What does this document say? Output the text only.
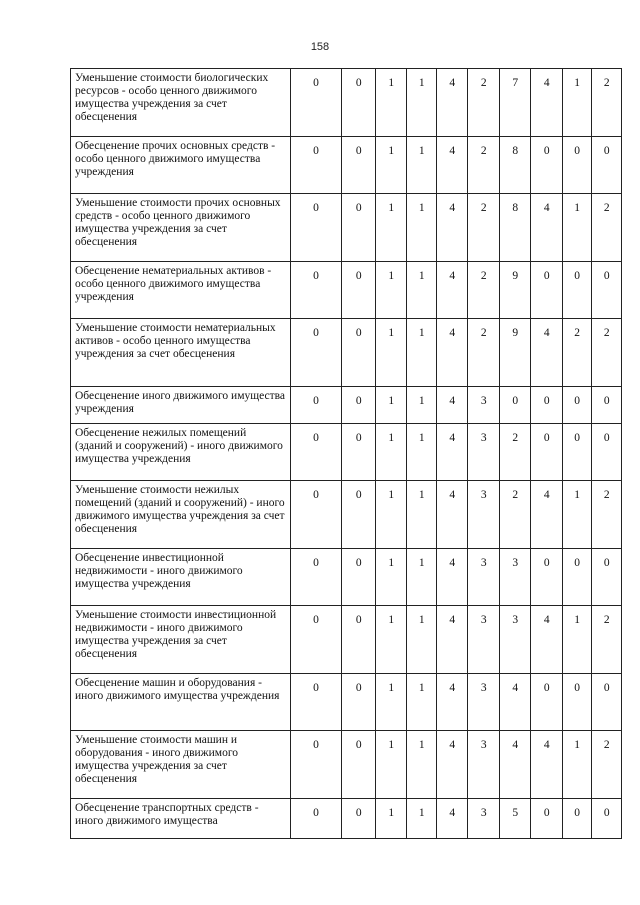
158
Уменьшение стоимости биологических ресурсов - особо ценного движимого имущества учреждения за счет обесценения	0	0	1	1	4	2	7	4	1	2
Обесценение прочих основных средств - особо ценного движимого имущества учреждения	0	0	1	1	4	2	8	0	0	0
Уменьшение стоимости прочих основных средств - особо ценного движимого имущества учреждения за счет обесценения	0	0	1	1	4	2	8	4	1	2
Обесценение нематериальных активов - особо ценного движимого имущества учреждения	0	0	1	1	4	2	9	0	0	0
Уменьшение стоимости нематериальных активов - особо ценного имущества учреждения за счет обесценения	0	0	1	1	4	2	9	4	2	2
Обесценение иного движимого имущества учреждения	0	0	1	1	4	3	0	0	0	0
Обесценение нежилых помещений (зданий и сооружений) - иного движимого имущества учреждения	0	0	1	1	4	3	2	0	0	0
Уменьшение стоимости нежилых помещений (зданий и сооружений) - иного движимого имущества учреждения за счет обесценения	0	0	1	1	4	3	2	4	1	2
Обесценение инвестиционной недвижимости - иного движимого имущества учреждения	0	0	1	1	4	3	3	0	0	0
Уменьшение стоимости инвестиционной недвижимости - иного движимого имущества учреждения за счет обесценения	0	0	1	1	4	3	3	4	1	2
Обесценение машин и оборудования - иного движимого имущества учреждения	0	0	1	1	4	3	4	0	0	0
Уменьшение стоимости машин и оборудования - иного движимого имущества учреждения за счет обесценения	0	0	1	1	4	3	4	4	1	2
Обесценение транспортных средств - иного движимого имущества	0	0	1	1	4	3	5	0	0	0
